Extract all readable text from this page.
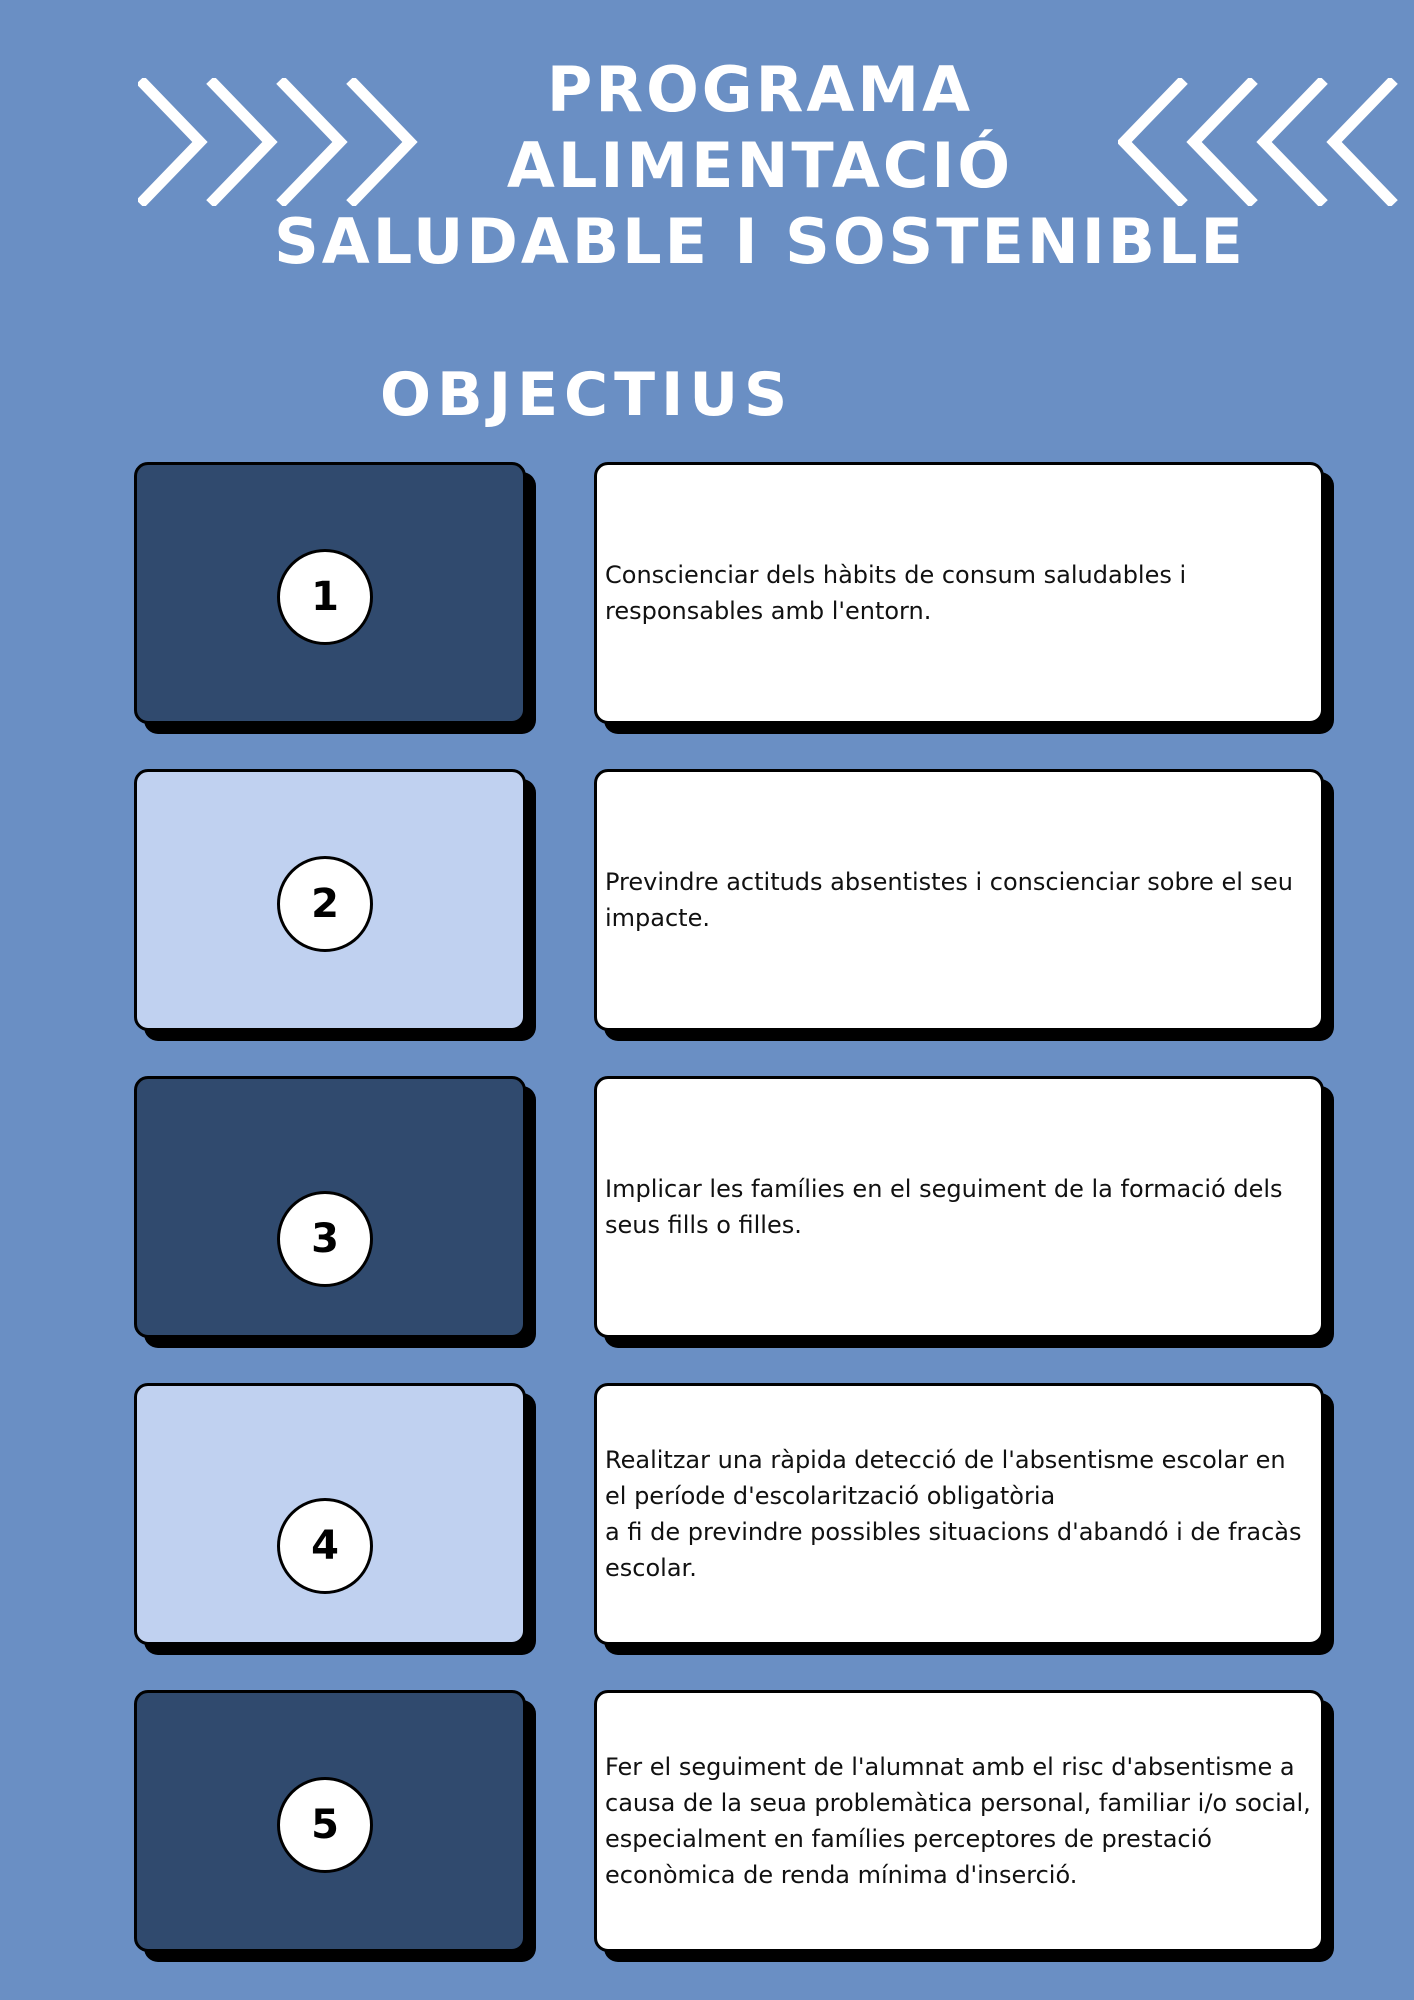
PROGRAMA
ALIMENTACIÓ
SALUDABLE I SOSTENIBLE
OBJECTIUS
1	Conscienciar dels hàbits de consum saludables i
responsables amb l'entorn.

2	Previndre actituds absentistes i conscienciar sobre el seu
impacte.

3

Implicar les famílies en el seguiment de la formació dels
seus fills o filles.

4

Realitzar una ràpida detecció de l'absentisme escolar en
el període d'escolarització obligatòria
a fi de previndre possibles situacions d'abandó i de fracàs
escolar.

5

Fer el seguiment de l'alumnat amb el risc d'absentisme a
causa de la seua problemàtica personal, familiar i/o social,
especialment en famílies perceptores de prestació
econòmica de renda mínima d'inserció.
